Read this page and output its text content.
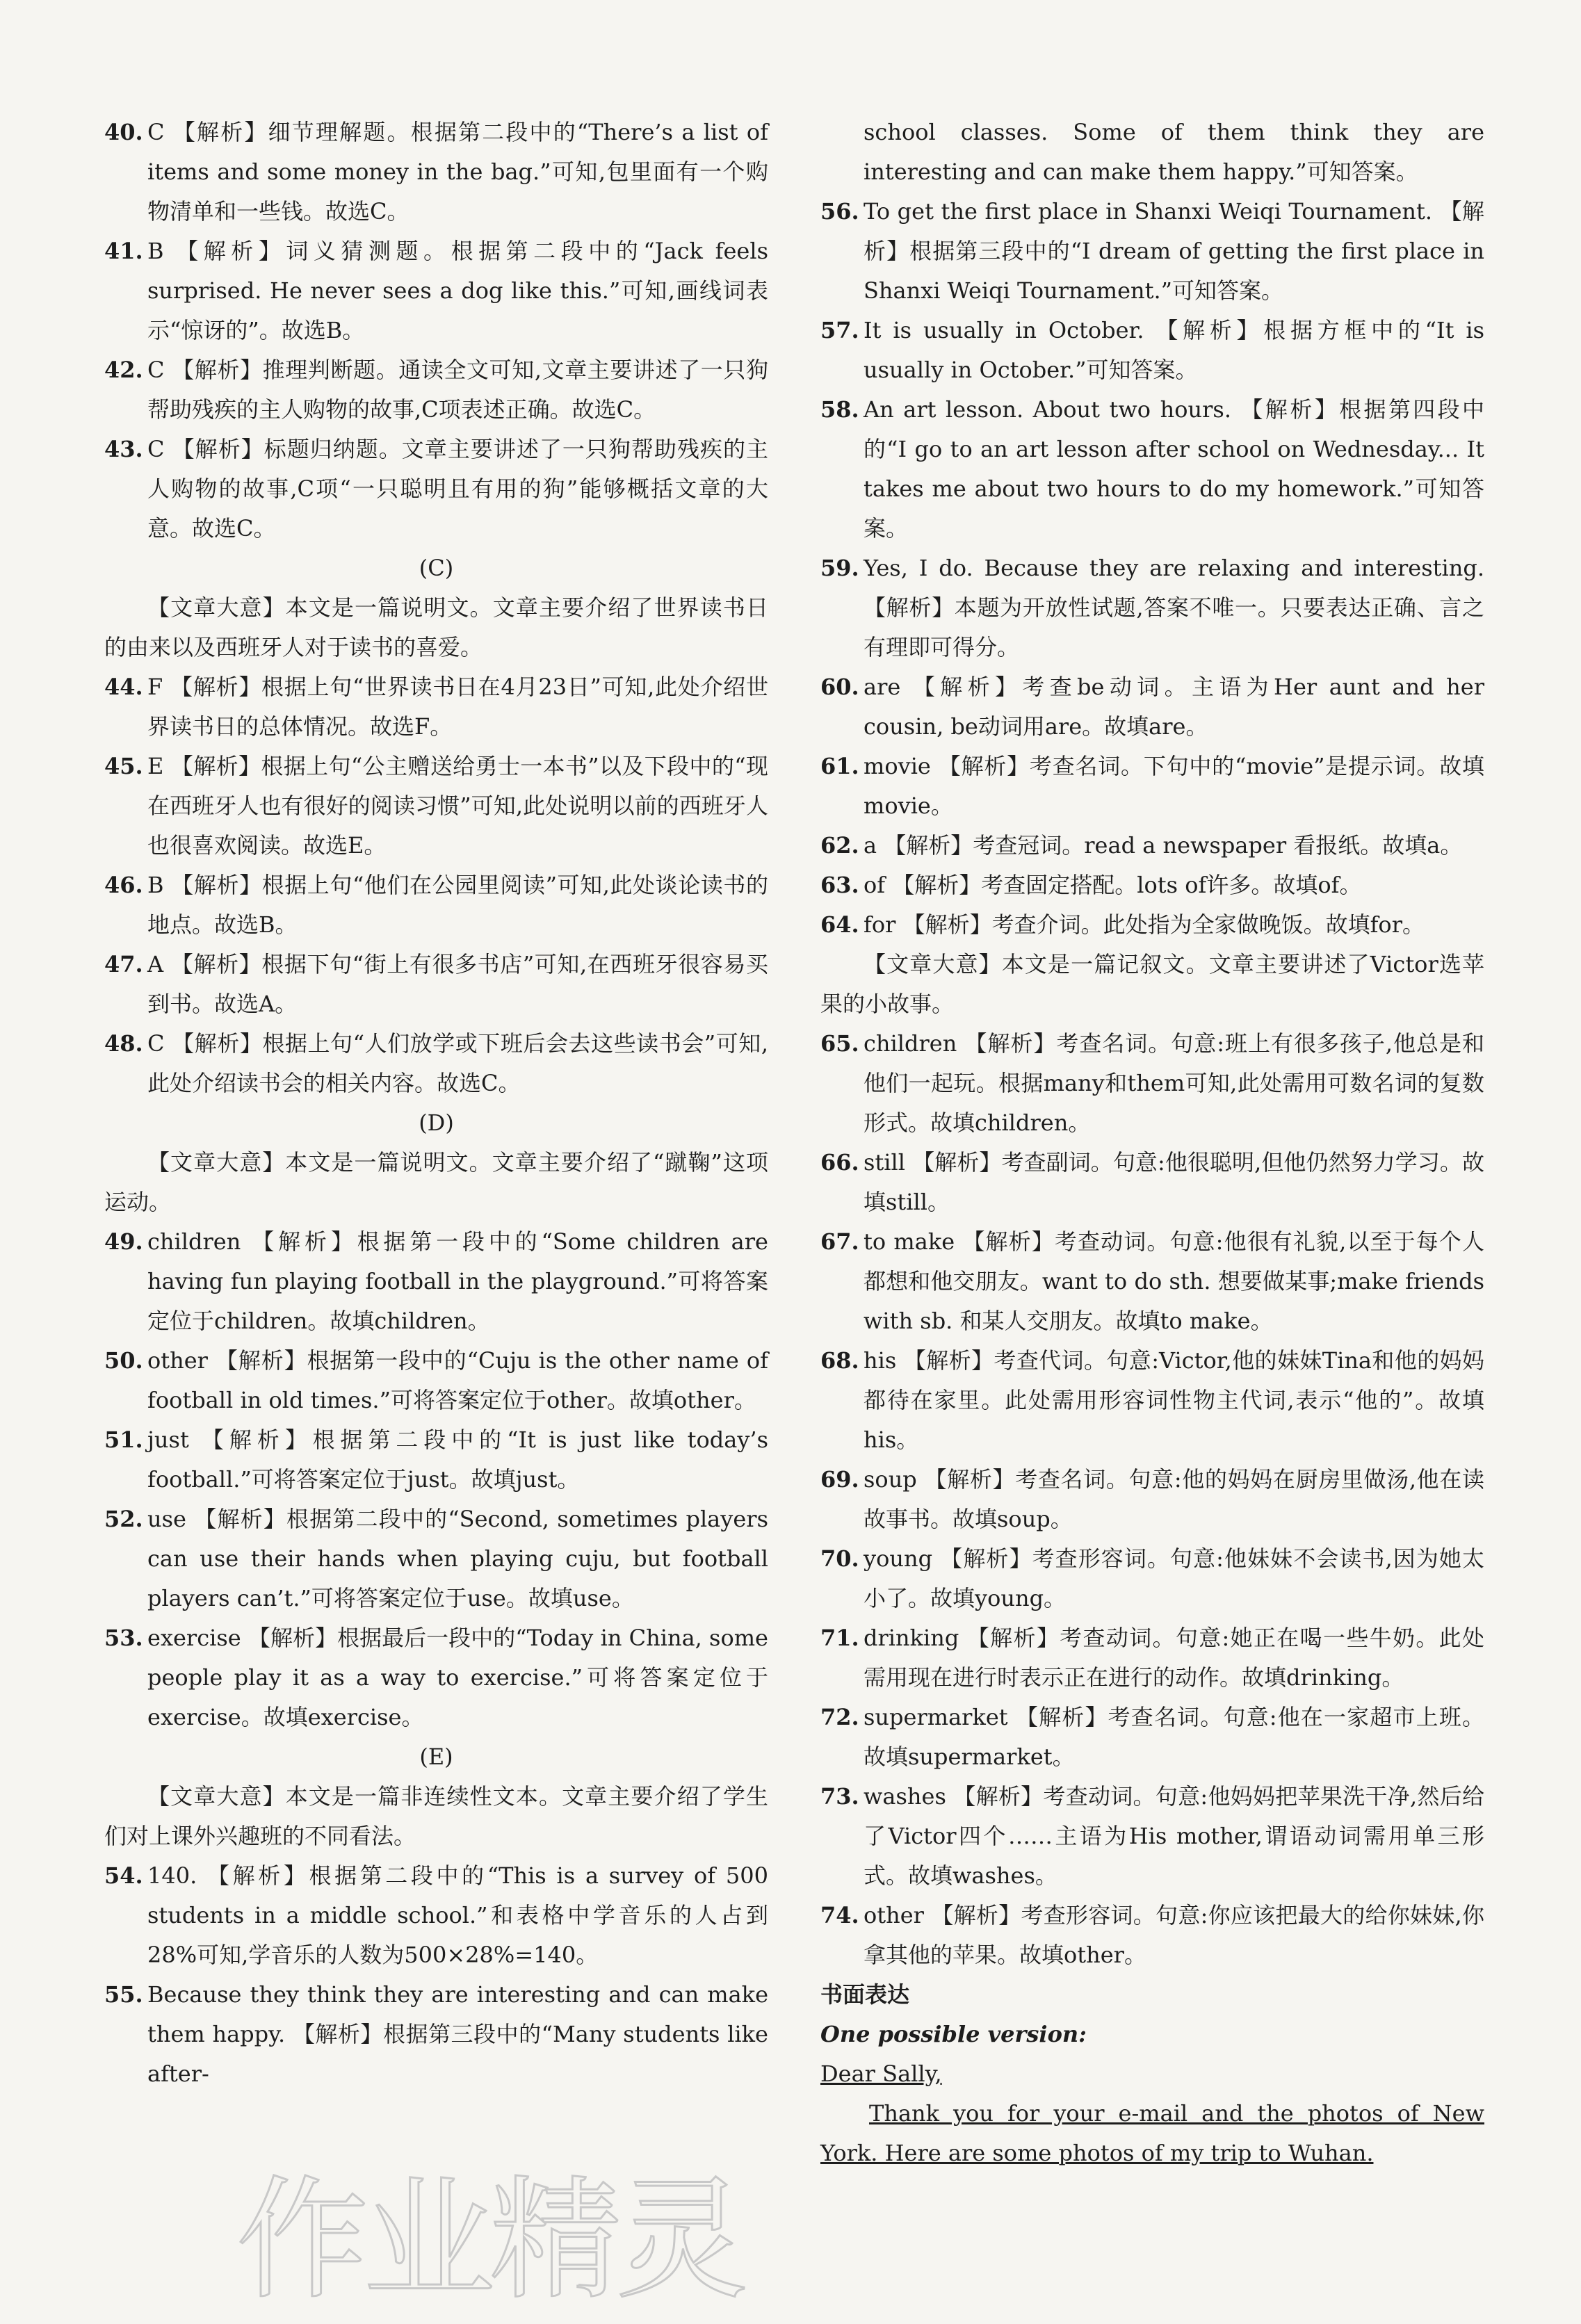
40. C 【解析】细节理解题。根据第二段中的“There’s a list of items and some money in the bag.”可知,包里面有一个购物清单和一些钱。故选C。

41. B 【解析】词义猜测题。根据第二段中的“Jack feels surprised. He never sees a dog like this.”可知,画线词表示“惊讶的”。故选B。

42. C 【解析】推理判断题。通读全文可知,文章主要讲述了一只狗帮助残疾的主人购物的故事,C项表述正确。故选C。

43. C 【解析】标题归纳题。文章主要讲述了一只狗帮助残疾的主人购物的故事,C项“一只聪明且有用的狗”能够概括文章的大意。故选C。

(C)

【文章大意】本文是一篇说明文。文章主要介绍了世界读书日的由来以及西班牙人对于读书的喜爱。

44. F 【解析】根据上句“世界读书日在4月23日”可知,此处介绍世界读书日的总体情况。故选F。

45. E 【解析】根据上句“公主赠送给勇士一本书”以及下段中的“现在西班牙人也有很好的阅读习惯”可知,此处说明以前的西班牙人也很喜欢阅读。故选E。

46. B 【解析】根据上句“他们在公园里阅读”可知,此处谈论读书的地点。故选B。

47. A 【解析】根据下句“街上有很多书店”可知,在西班牙很容易买到书。故选A。

48. C 【解析】根据上句“人们放学或下班后会去这些读书会”可知,此处介绍读书会的相关内容。故选C。

(D)

【文章大意】本文是一篇说明文。文章主要介绍了“蹴鞠”这项运动。

49. children 【解析】根据第一段中的“Some children are having fun playing football in the playground.”可将答案定位于children。故填children。

50. other 【解析】根据第一段中的“Cuju is the other name of football in old times.”可将答案定位于other。故填other。

51. just 【解析】根据第二段中的“It is just like today’s football.”可将答案定位于just。故填just。

52. use 【解析】根据第二段中的“Second, sometimes players can use their hands when playing cuju, but football players can’t.”可将答案定位于use。故填use。

53. exercise 【解析】根据最后一段中的“Today in China, some people play it as a way to exercise.”可将答案定位于exercise。故填exercise。

(E)

【文章大意】本文是一篇非连续性文本。文章主要介绍了学生们对上课外兴趣班的不同看法。

54. 140. 【解析】根据第二段中的“This is a survey of 500 students in a middle school.”和表格中学音乐的人占到28%可知,学音乐的人数为500×28%=140。

55. Because they think they are interesting and can make them happy. 【解析】根据第三段中的“Many students like after-

school classes. Some of them think they are interesting and can make them happy.”可知答案。

56. To get the first place in Shanxi Weiqi Tournament. 【解析】根据第三段中的“I dream of getting the first place in Shanxi Weiqi Tournament.”可知答案。

57. It is usually in October. 【解析】根据方框中的“It is usually in October.”可知答案。

58. An art lesson. About two hours. 【解析】根据第四段中的“I go to an art lesson after school on Wednesday... It takes me about two hours to do my homework.”可知答案。

59. Yes, I do. Because they are relaxing and interesting. 【解析】本题为开放性试题,答案不唯一。只要表达正确、言之有理即可得分。

60. are 【解析】考查be动词。主语为Her aunt and her cousin, be动词用are。故填are。

61. movie 【解析】考查名词。下句中的“movie”是提示词。故填movie。

62. a 【解析】考查冠词。read a newspaper 看报纸。故填a。

63. of 【解析】考查固定搭配。lots of许多。故填of。

64. for 【解析】考查介词。此处指为全家做晚饭。故填for。

【文章大意】本文是一篇记叙文。文章主要讲述了Victor选苹果的小故事。

65. children 【解析】考查名词。句意:班上有很多孩子,他总是和他们一起玩。根据many和them可知,此处需用可数名词的复数形式。故填children。

66. still 【解析】考查副词。句意:他很聪明,但他仍然努力学习。故填still。

67. to make 【解析】考查动词。句意:他很有礼貌,以至于每个人都想和他交朋友。want to do sth. 想要做某事;make friends with sb. 和某人交朋友。故填to make。

68. his 【解析】考查代词。句意:Victor,他的妹妹Tina和他的妈妈都待在家里。此处需用形容词性物主代词,表示“他的”。故填his。

69. soup 【解析】考查名词。句意:他的妈妈在厨房里做汤,他在读故事书。故填soup。

70. young 【解析】考查形容词。句意:他妹妹不会读书,因为她太小了。故填young。

71. drinking 【解析】考查动词。句意:她正在喝一些牛奶。此处需用现在进行时表示正在进行的动作。故填drinking。

72. supermarket 【解析】考查名词。句意:他在一家超市上班。故填supermarket。

73. washes 【解析】考查动词。句意:他妈妈把苹果洗干净,然后给了Victor四个……主语为His mother,谓语动词需用单三形式。故填washes。

74. other 【解析】考查形容词。句意:你应该把最大的给你妹妹,你拿其他的苹果。故填other。

书面表达

One possible version:

Dear Sally,

Thank you for your e-mail and the photos of New York. Here are some photos of my trip to Wuhan.

作业精灵
